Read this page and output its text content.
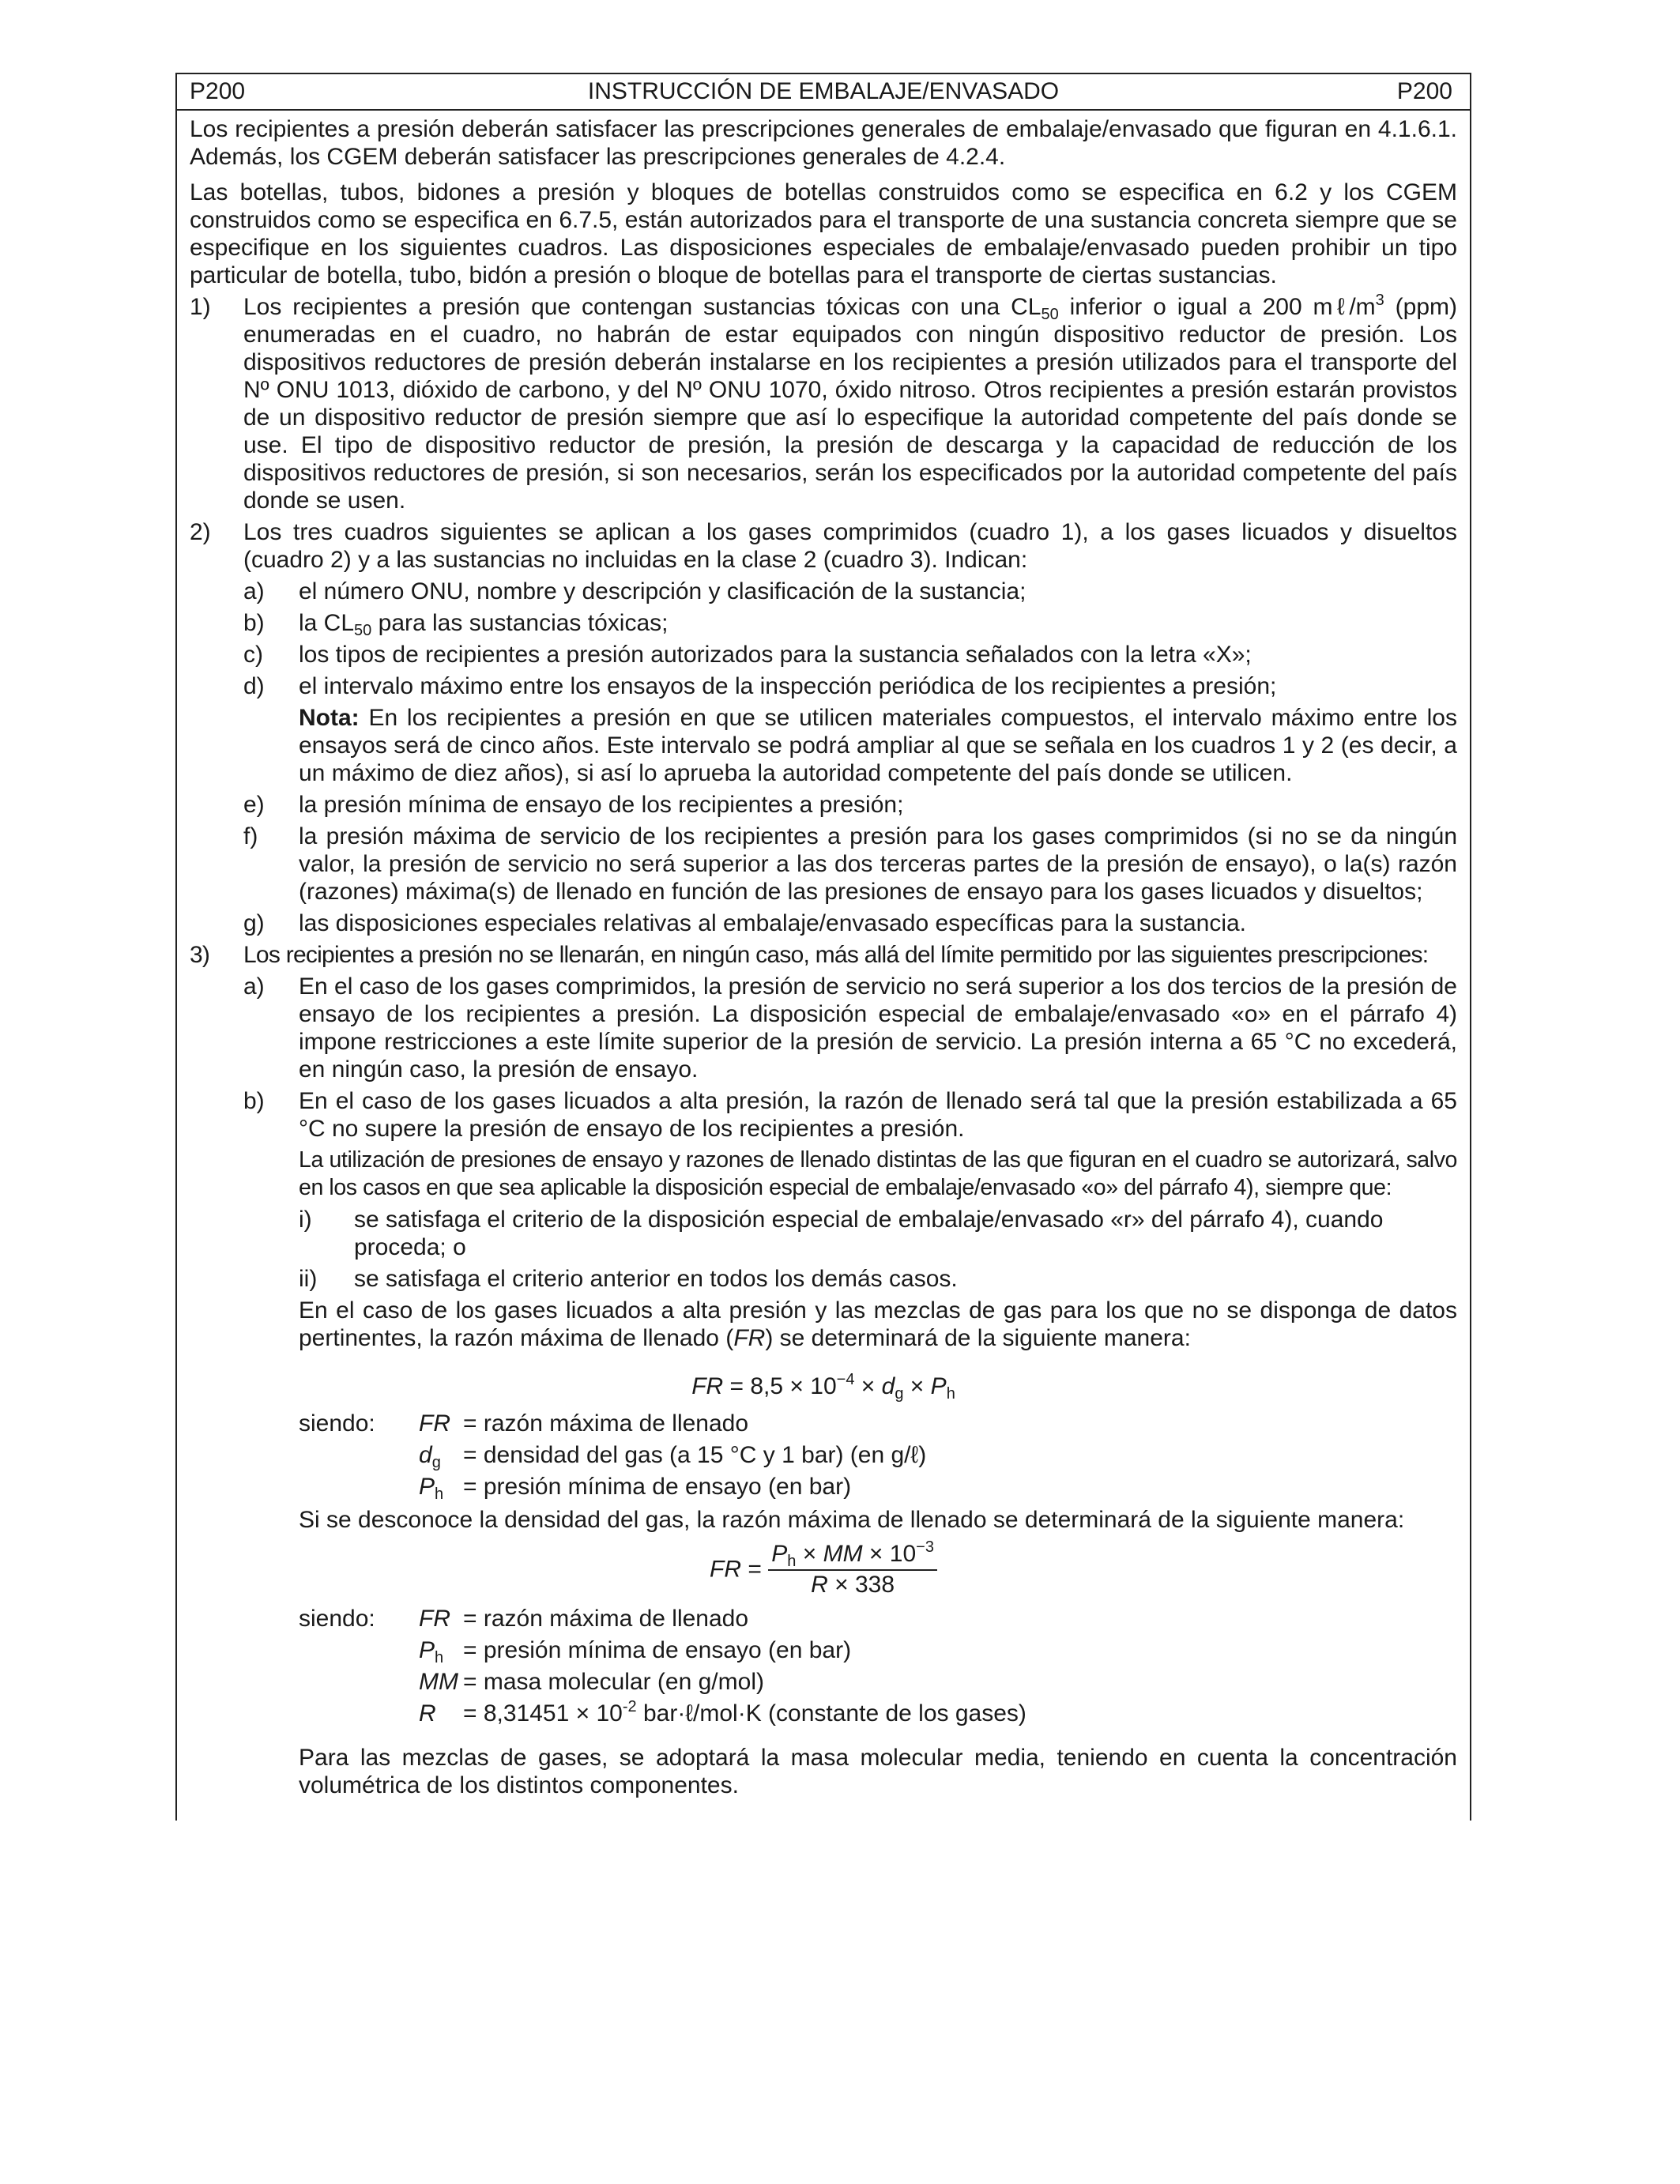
P200	INSTRUCCIÓN DE EMBALAJE/ENVASADO	P200

Los recipientes a presión deberán satisfacer las prescripciones generales de embalaje/envasado que figuran en 4.1.6.1. Además, los CGEM deberán satisfacer las prescripciones generales de 4.2.4.

Las botellas, tubos, bidones a presión y bloques de botellas construidos como se especifica en 6.2 y los CGEM construidos como se especifica en 6.7.5, están autorizados para el transporte de una sustancia concreta siempre que se especifique en los siguientes cuadros. Las disposiciones especiales de embalaje/envasado pueden prohibir un tipo particular de botella, tubo, bidón a presión o bloque de botellas para el transporte de ciertas sustancias.

1) Los recipientes a presión que contengan sustancias tóxicas con una $CL_{50}$ inferior o igual a 200 $m\ell/m^3$ (ppm) enumeradas en el cuadro, no habrán de estar equipados con ningún dispositivo reductor de presión. Los dispositivos reductores de presión deberán instalarse en los recipientes a presión utilizados para el transporte del Nº ONU 1013, dióxido de carbono, y del Nº ONU 1070, óxido nitroso. Otros recipientes a presión estarán provistos de un dispositivo reductor de presión siempre que así lo especifique la autoridad competente del país donde se use. El tipo de dispositivo reductor de presión, la presión de descarga y la capacidad de reducción de los dispositivos reductores de presión, si son necesarios, serán los especificados por la autoridad competente del país donde se usen.
2) Los tres cuadros siguientes se aplican a los gases comprimidos (cuadro 1), a los gases licuados y disueltos (cuadro 2) y a las sustancias no incluidas en la clase 2 (cuadro 3). Indican:
a) el número ONU, nombre y descripción y clasificación de la sustancia;
b) la $CL_{50}$ para las sustancias tóxicas;
c) los tipos de recipientes a presión autorizados para la sustancia señalados con la letra «X»;
d) el intervalo máximo entre los ensayos de la inspección periódica de los recipientes a presión;
Nota: En los recipientes a presión en que se utilicen materiales compuestos, el intervalo máximo entre los ensayos será de cinco años. Este intervalo se podrá ampliar al que se señala en los cuadros 1 y 2 (es decir, a un máximo de diez años), si así lo aprueba la autoridad competente del país donde se utilicen.
e) la presión mínima de ensayo de los recipientes a presión;
f) la presión máxima de servicio de los recipientes a presión para los gases comprimidos (si no se da ningún valor, la presión de servicio no será superior a las dos terceras partes de la presión de ensayo), o la(s) razón (razones) máxima(s) de llenado en función de las presiones de ensayo para los gases licuados y disueltos;
g) las disposiciones especiales relativas al embalaje/envasado específicas para la sustancia.
3) Los recipientes a presión no se llenarán, en ningún caso, más allá del límite permitido por las siguientes prescripciones:
a) En el caso de los gases comprimidos, la presión de servicio no será superior a los dos tercios de la presión de ensayo de los recipientes a presión. La disposición especial de embalaje/envasado «o» en el párrafo 4) impone restricciones a este límite superior de la presión de servicio. La presión interna a 65 °C no excederá, en ningún caso, la presión de ensayo.
b) En el caso de los gases licuados a alta presión, la razón de llenado será tal que la presión estabilizada a 65 °C no supere la presión de ensayo de los recipientes a presión.
La utilización de presiones de ensayo y razones de llenado distintas de las que figuran en el cuadro se autorizará, salvo en los casos en que sea aplicable la disposición especial de embalaje/envasado «o» del párrafo 4), siempre que:
i) se satisfaga el criterio de la disposición especial de embalaje/envasado «r» del párrafo 4), cuando proceda; o
ii) se satisfaga el criterio anterior en todos los demás casos.
En el caso de los gases licuados a alta presión y las mezclas de gas para los que no se disponga de datos pertinentes, la razón máxima de llenado (FR) se determinará de la siguiente manera:
FR = $8,5 \times 10^{-4} \times d_g \times P_h$
siendo: FR = razón máxima de llenado
$d_g$ = densidad del gas (a 15 °C y 1 bar) (en g/ℓ)
$P_h$ = presión mínima de ensayo (en bar)
Si se desconoce la densidad del gas, la razón máxima de llenado se determinará de la siguiente manera:
FR = $\frac{P_h \times MM \times 10^{-3}}{R \times 338}$
siendo: FR = razón máxima de llenado
$P_h$ = presión mínima de ensayo (en bar)
MM = masa molecular (en g/mol)
$R = 8,31451 \times 10^{-2}$ bar·ℓ/mol·K (constante de los gases)
Para las mezclas de gases, se adoptará la masa molecular media, teniendo en cuenta la concentración volumétrica de los distintos componentes.
